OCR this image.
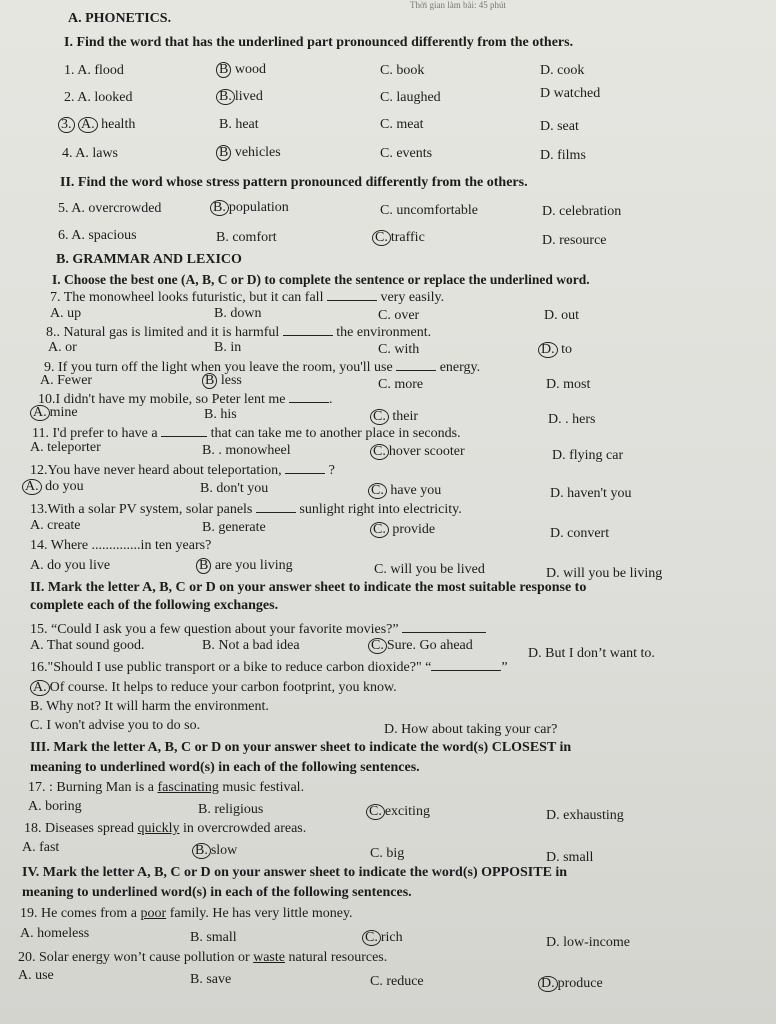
Thời gian làm bài: 45 phút
A. PHONETICS.
I. Find the word that has the underlined part pronounced differently from the others.
1. A. flood	B wood	C. book	D. cook
2. A. looked	B. lived	C. laughed	D watched
3. A. health	B. heat	C. meat	D. seat
4. A. laws	B vehicles	C. events	D. films
II. Find the word whose stress pattern pronounced differently from the others.
5. A. overcrowded	B. population	C. uncomfortable	D. celebration
6. A. spacious	B. comfort	C. traffic	D. resource
B. GRAMMAR AND LEXICO
I. Choose the best one (A, B, C or D) to complete the sentence or replace the underlined word.
7. The monowheel looks futuristic, but it can fall	very easily.
A. up	B. down	C. over	D. out
8.. Natural gas is limited and it is harmful	the environment.
A. or	B. in	C. with	D. to
9. If you turn off the light when you leave the room, you'll use	energy.
A. Fewer	B less	C. more	D. most
10.I didn't have my mobile, so Peter lent me	.
A. mine	B. his	C. their	D. . hers
11. I'd prefer to have a	that can take me to another place in seconds.
A. teleporter	B. . monowheel	C. hover scooter	D. flying car
12.You have never heard about teleportation,	?
A. do you	B. don't you	C. have you	D. haven't you
13.With a solar PV system, solar panels	sunlight right into electricity.
A. create	B. generate	C. provide	D. convert
14. Where ..............in ten years?
A. do you live	B are you living	C. will you be lived	D. will you be living
II. Mark the letter A, B, C or D on your answer sheet to indicate the most suitable response to
complete each of the following exchanges.
15. “Could I ask you a few question about your favorite movies?”
A. That sound good.	B. Not a bad idea	C. Sure. Go ahead
D. But I don’t want to.
16."Should I use public transport or a bike to reduce carbon dioxide?" “	”
A. Of course. It helps to reduce your carbon footprint, you know.
B. Why not? It will harm the environment.
C. I won't advise you to do so.	D. How about taking your car?
III. Mark the letter A, B, C or D on your answer sheet to indicate the word(s) CLOSEST in
meaning to underlined word(s) in each of the following sentences.
17. : Burning Man is a fascinating music festival.
A. boring	B. religious	C. exciting	D. exhausting
18. Diseases spread quickly in overcrowded areas.
A. fast	B. slow	C. big	D. small
IV. Mark the letter A, B, C or D on your answer sheet to indicate the word(s) OPPOSITE in
meaning to underlined word(s) in each of the following sentences.
19. He comes from a poor family. He has very little money.
A. homeless	B. small	C. rich	D. low-income
20. Solar energy won’t cause pollution or waste natural resources.
A. use	B. save	C. reduce	D. produce
